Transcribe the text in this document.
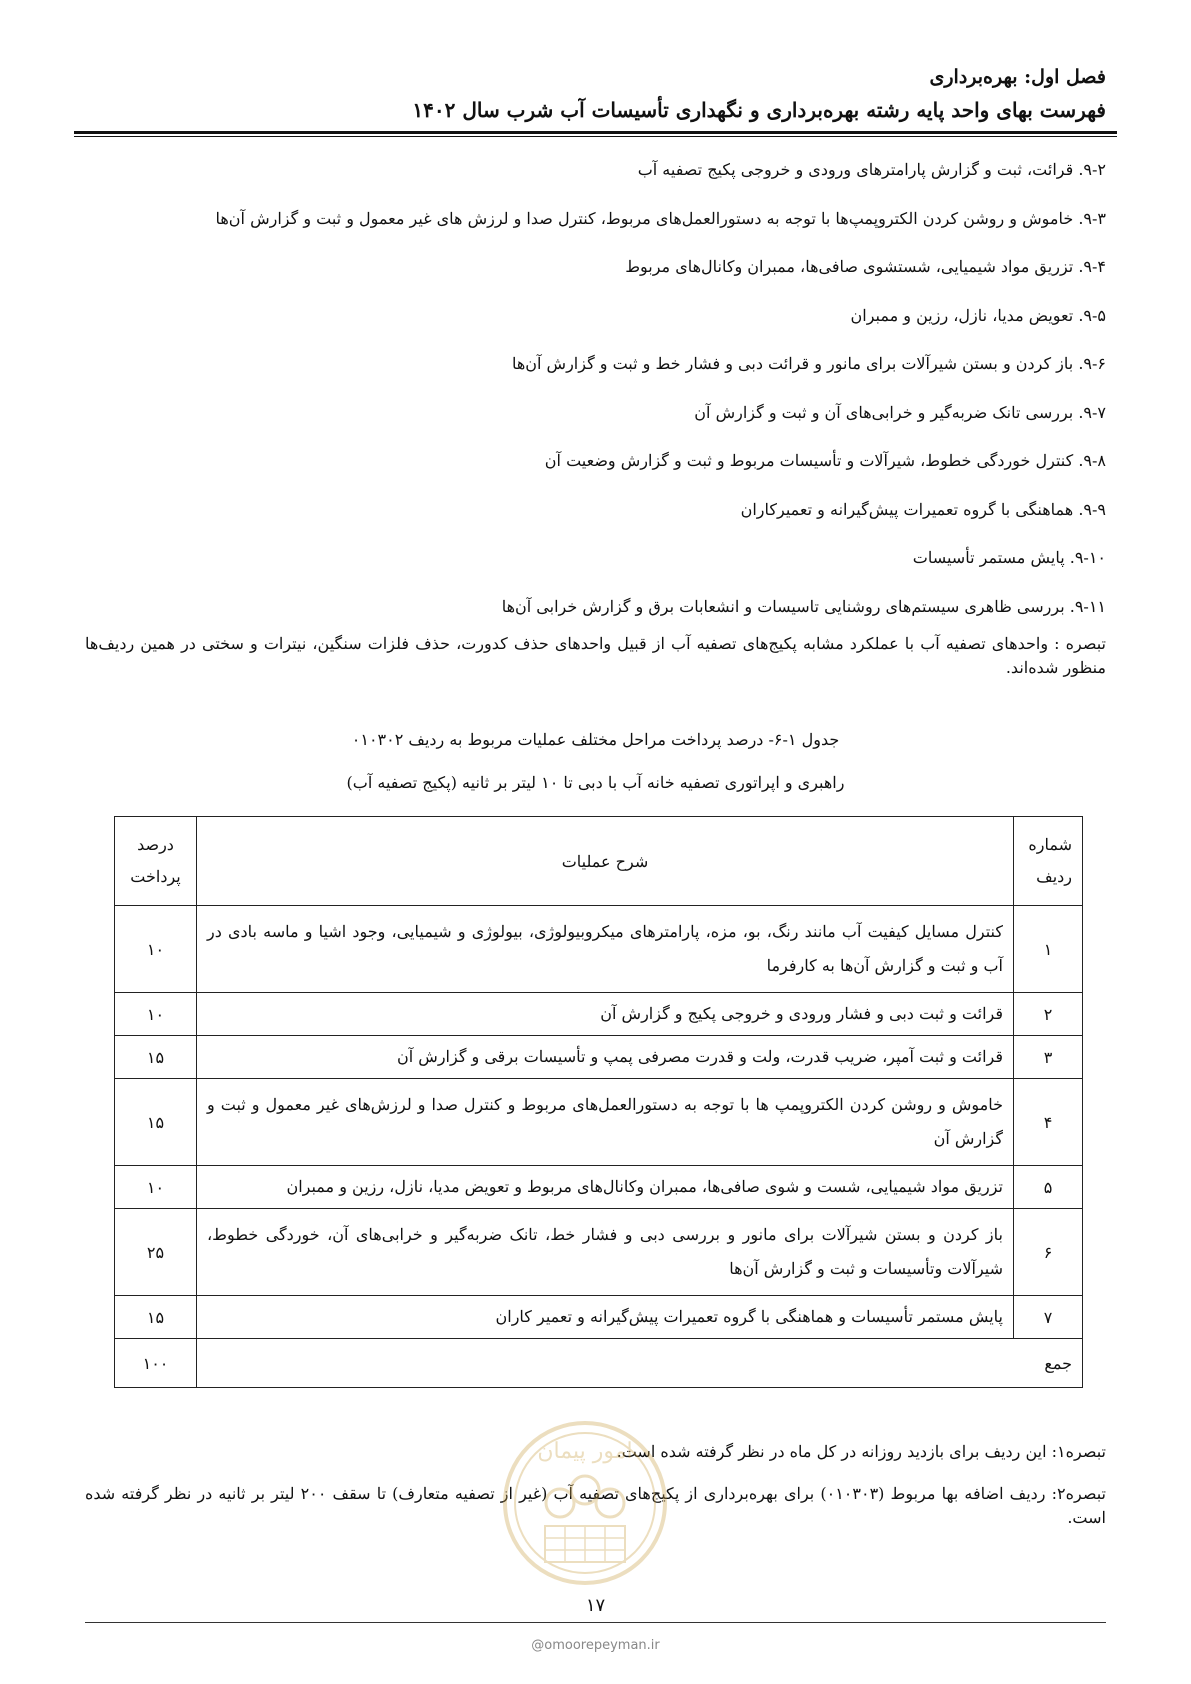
فصل اول: بهره‌برداری
فهرست بهای واحد پایه رشته بهره‌برداری و نگهداری تأسیسات آب شرب سال ۱۴۰۲
۹-۲. قرائت، ثبت و گزارش پارامترهای ورودی و خروجی پکیج تصفیه آب
۹-۳. خاموش و روشن کردن الکتروپمپ‌ها با توجه به دستورالعمل‌های مربوط، کنترل صدا و لرزش های غیر معمول و ثبت و گزارش آن‌ها
۹-۴. تزریق مواد شیمیایی، شستشوی صافی‌ها، ممبران وکانال‌های مربوط
۹-۵. تعویض مدیا، نازل، رزین و ممبران
۹-۶. باز کردن و بستن شیرآلات برای مانور و قرائت دبی و فشار خط و ثبت و گزارش آن‌ها
۹-۷. بررسی تانک ضربه‌گیر و خرابی‌های آن و ثبت و گزارش آن
۹-۸. کنترل خوردگی خطوط، شیرآلات و تأسیسات مربوط و ثبت و گزارش وضعیت آن
۹-۹. هماهنگی با گروه تعمیرات پیش‌گیرانه و تعمیرکاران
۹-۱۰. پایش مستمر تأسیسات
۹-۱۱. بررسی ظاهری سیستم‌های روشنایی تاسیسات و انشعابات برق و گزارش خرابی آن‌ها

تبصره : واحدهای تصفیه آب با عملکرد مشابه پکیج‌های تصفیه آب از قبیل واحدهای حذف کدورت، حذف فلزات سنگین، نیترات و سختی در همین ردیف‌ها منظور شده‌اند.

جدول ۱-۶- درصد پرداخت مراحل مختلف عملیات مربوط به ردیف ۰۱۰۳۰۲
راهبری و اپراتوری تصفیه خانه آب با دبی تا ۱۰ لیتر بر ثانیه (پکیج تصفیه آب)
شماره ردیف	شرح عملیات	درصد پرداخت
۱	کنترل مسایل کیفیت آب مانند رنگ، بو، مزه، پارامترهای میکروبیولوژی، بیولوژی و شیمیایی، وجود اشیا و ماسه بادی در آب و ثبت و گزارش آن‌ها به کارفرما	۱۰
۲	قرائت و ثبت دبی و فشار ورودی و خروجی پکیج و گزارش آن	۱۰
۳	قرائت و ثبت آمپر، ضریب قدرت، ولت و قدرت مصرفی پمپ و تأسیسات برقی و گزارش آن	۱۵
۴	خاموش و روشن کردن الکتروپمپ ها با توجه به دستورالعمل‌های مربوط و کنترل صدا و لرزش‌های غیر معمول و ثبت و گزارش آن	۱۵
۵	تزریق مواد شیمیایی، شست و شوی صافی‌ها، ممبران وکانال‌های مربوط و تعویض مدیا، نازل، رزین و ممبران	۱۰
۶	باز کردن و بستن شیرآلات برای مانور و بررسی دبی و فشار خط، تانک ضربه‌گیر و خرابی‌های آن، خوردگی خطوط، شیرآلات وتأسیسات و ثبت و گزارش آن‌ها	۲۵
۷	پایش مستمر تأسیسات و هماهنگی با گروه تعمیرات پیش‌گیرانه و تعمیر کاران	۱۵
جمع		۱۰۰

تبصره۱: این ردیف برای بازدید روزانه در کل ماه در نظر گرفته شده است.

تبصره۲: ردیف اضافه بها مربوط (۰۱۰۳۰۳) برای بهره‌برداری از پکیج‌های تصفیه آب (غیر از تصفیه متعارف) تا سقف ۲۰۰ لیتر بر ثانیه در نظر گرفته شده است.

امور پیمان
۱۷
@omoorepeyman.ir
